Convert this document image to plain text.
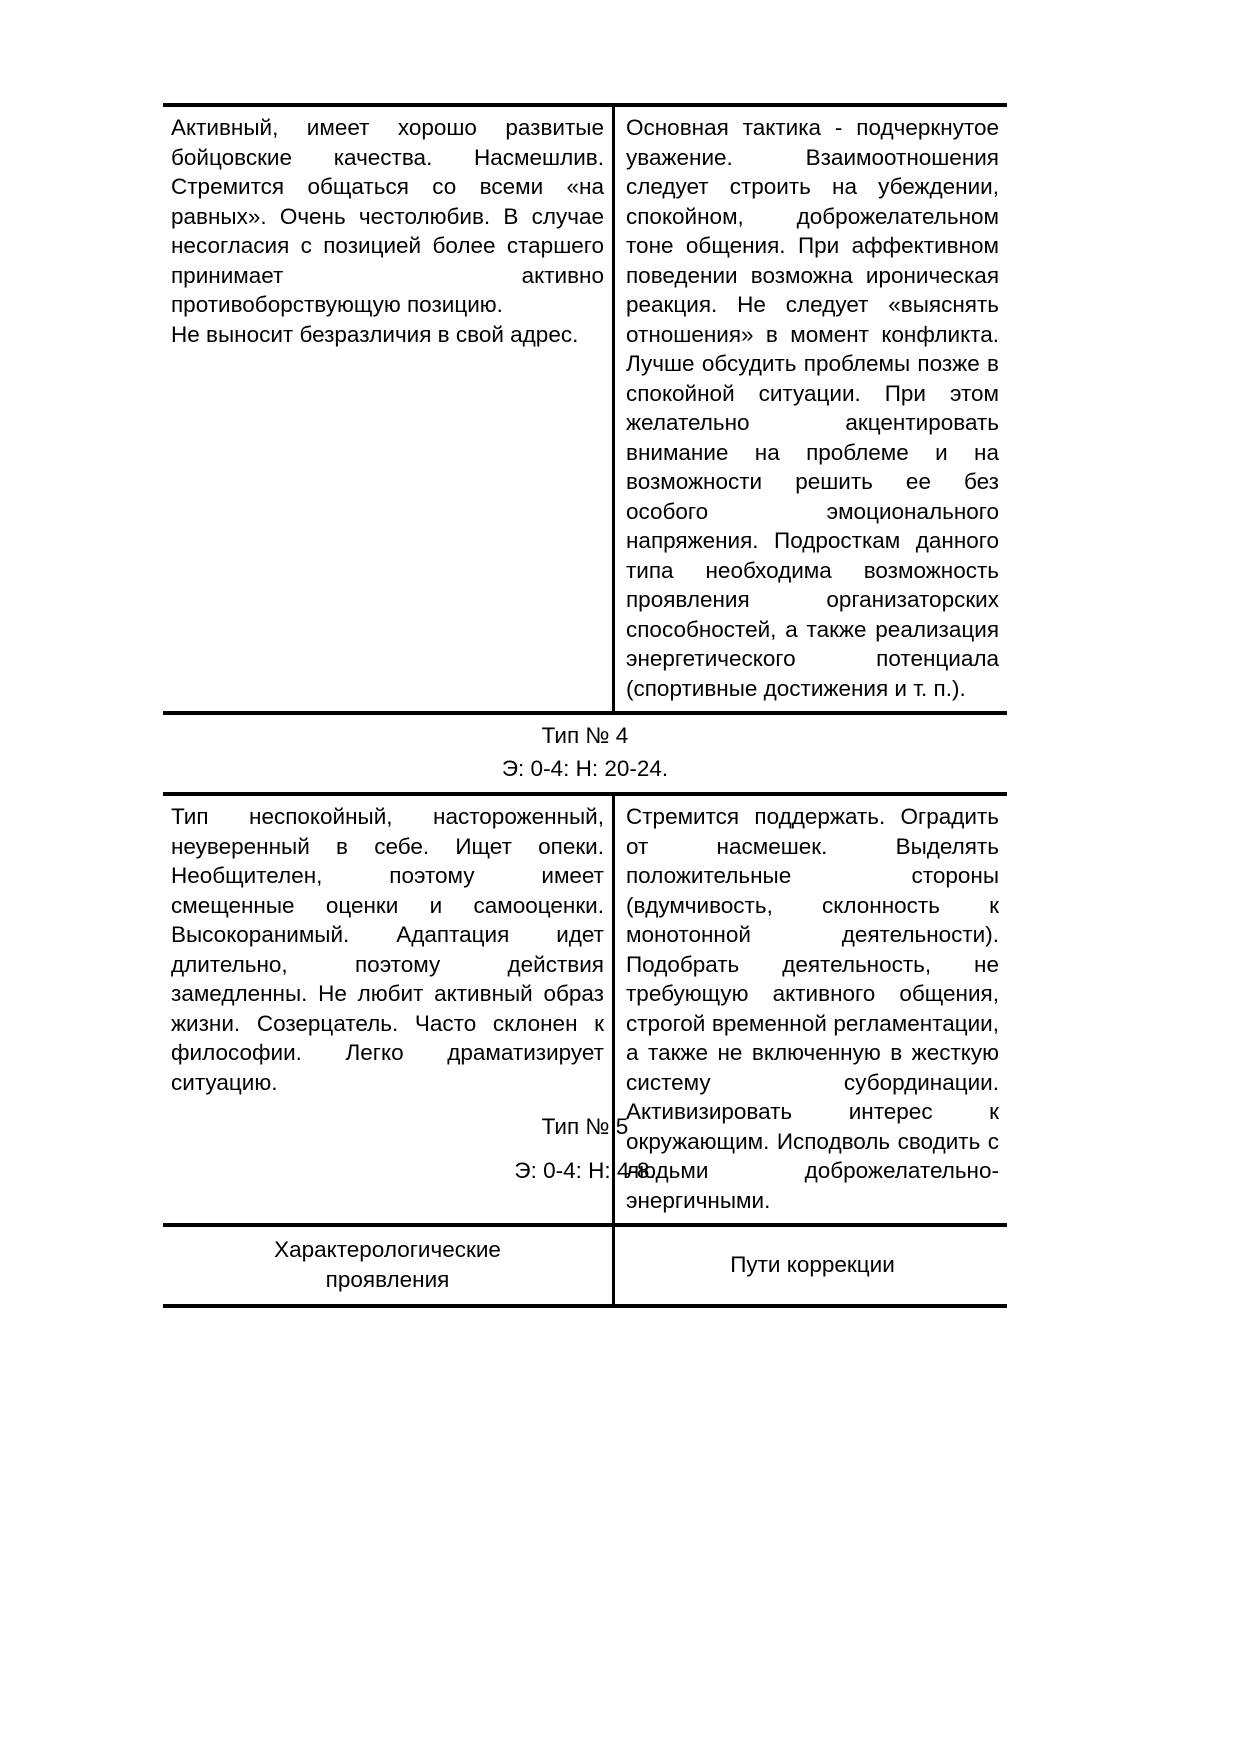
Активный, имеет хорошо развитые бойцовские качества. Насмешлив. Стремится общаться со всеми «на равных». Очень честолюбив. В случае несогласия с позицией более старшего принимает активно противоборствующую позицию.

Не выносит безразличия в свой адрес.

Основная тактика - подчеркнутое уважение. Взаимоотношения следует строить на убеждении, спокойном, доброжелательном тоне общения. При аффективном поведении возможна ироническая реакция. Не следует «выяснять отношения» в момент конфликта. Лучше обсудить проблемы позже в спокойной ситуации. При этом желательно акцентировать внимание на проблеме и на возможности решить ее без особого эмоционального напряжения. Подросткам данного типа необходима возможность проявления организаторских способностей, а также реализация энергетического потенциала (спортивные достижения и т. п.).

Тип № 4
Э: 0-4: Н: 20-24.

Тип неспокойный, настороженный, неуверенный в себе. Ищет опеки. Необщителен, поэтому имеет смещенные оценки и самооценки. Высокоранимый. Адаптация идет длительно, поэтому действия замедленны. Не любит активный образ жизни. Созерцатель. Часто склонен к философии. Легко драматизирует ситуацию.

Стремится поддержать. Оградить от насмешек. Выделять положительные стороны (вдумчивость, склонность к монотонной деятельности). Подобрать деятельность, не требующую активного общения, строгой временной регламентации, а также не включенную в жесткую систему субординации. Активизировать интерес к окружающим. Исподволь сводить с людьми доброжелательно-энергичными.

Характерологические проявления
Пути коррекции
Тип № 5
Э: 0-4: Н: 4-8.
